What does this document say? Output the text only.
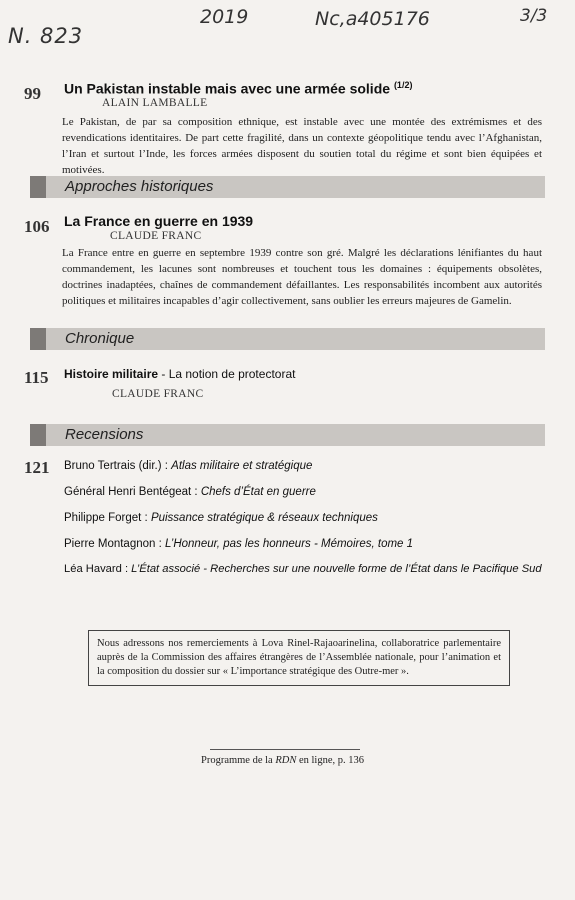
N. 823
2019	Nc,a405176	3/3
99 Un Pakistan instable mais avec une armée solide $^{(1/2)}$
ALAIN LAMBALLE

Le Pakistan, de par sa composition ethnique, est instable avec une montée des extrémismes et des revendications identitaires. De part cette fragilité, dans un contexte géopolitique tendu avec l’Afghanistan, l’Iran et surtout l’Inde, les forces armées disposent du soutien total du régime et sont bien équipées et motivées.

Approches historiques
106 La France en guerre en 1939
CLAUDE FRANC

La France entre en guerre en septembre 1939 contre son gré. Malgré les déclarations lénifiantes du haut commandement, les lacunes sont nombreuses et touchent tous les domaines : équipements obsolètes, doctrines inadaptées, chaînes de commandement défaillantes. Les responsabilités incombent aux autorités politiques et militaires incapables d’agir collectivement, sans oublier les erreurs majeures de Gamelin.

Chronique
115 Histoire militaire - La notion de protectorat
CLAUDE FRANC
Recensions
121 Bruno Tertrais (dir.) : Atlas militaire et stratégique
Général Henri Bentégeat : Chefs d’État en guerre
Philippe Forget : Puissance stratégique & réseaux techniques
Pierre Montagnon : L’Honneur, pas les honneurs - Mémoires, tome 1
Léa Havard : L’État associé - Recherches sur une nouvelle forme de l’État dans le Pacifique Sud
Nous adressons nos remerciements à Lova Rinel-Rajaoarinelina, collaboratrice parlementaire auprès de la Commission des affaires étrangères de l’Assemblée nationale, pour l’animation et la composition du dossier sur « L’importance stratégique des Outre-mer ».
Programme de la RDN en ligne, p. 136
